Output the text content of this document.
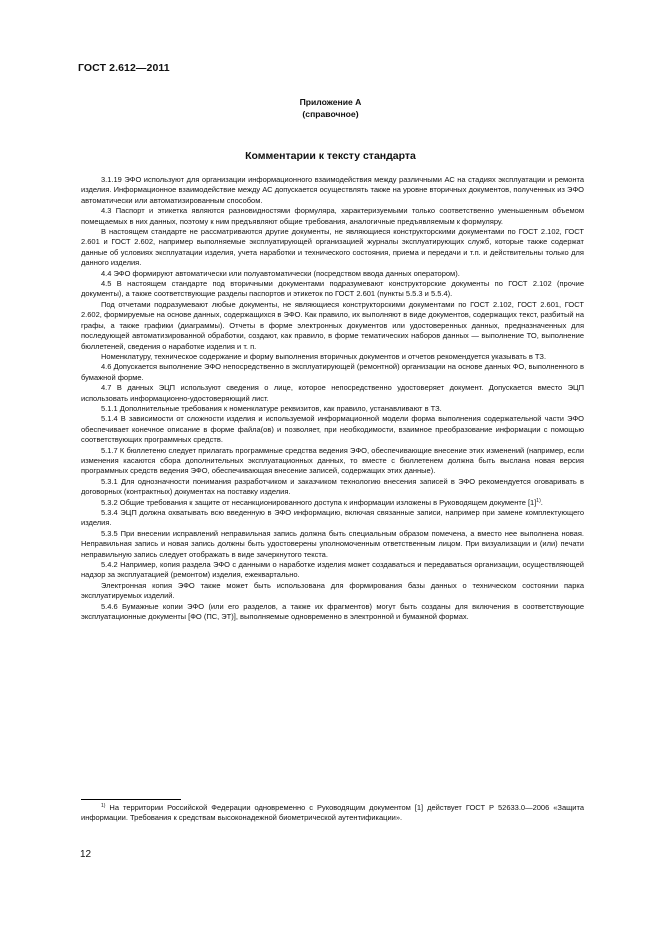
ГОСТ 2.612—2011
Приложение А
(справочное)
Комментарии к тексту стандарта

3.1.19 ЭФО используют для организации информационного взаимодействия между различными АС на стадиях эксплуатации и ремонта изделия. Информационное взаимодействие между АС допускается осуществлять также на уровне вторичных документов, полученных из ЭФО автоматически или автоматизированным способом.

4.3 Паспорт и этикетка являются разновидностями формуляра, характеризуемыми только соответственно уменьшенным объемом помещаемых в них данных, поэтому к ним предъявляют общие требования, аналогичные предъявляемым к формуляру.

В настоящем стандарте не рассматриваются другие документы, не являющиеся конструкторскими документами по ГОСТ 2.102, ГОСТ 2.601 и ГОСТ 2.602, например выполняемые эксплуатирующей организацией журналы эксплуатирующих служб, которые также содержат данные об условиях эксплуатации изделия, учета наработки и технического состояния, приема и передачи и т.п. и действительны только для данного изделия.

4.4 ЭФО формируют автоматически или полуавтоматически (посредством ввода данных оператором).

4.5 В настоящем стандарте под вторичными документами подразумевают конструкторские документы по ГОСТ 2.102 (прочие документы), а также соответствующие разделы паспортов и этикеток по ГОСТ 2.601 (пункты 5.5.3 и 5.5.4).

Под отчетами подразумевают любые документы, не являющиеся конструкторскими документами по ГОСТ 2.102, ГОСТ 2.601, ГОСТ 2.602, формируемые на основе данных, содержащихся в ЭФО. Как правило, их выполняют в виде документов, содержащих текст, разбитый на графы, а также графики (диаграммы). Отчеты в форме электронных документов или удостоверенных данных, предназначенных для последующей автоматизированной обработки, создают, как правило, в форме тематических наборов данных — выполнение ТО, выполнение бюллетеней, сведения о наработке изделия и т. п.

Номенклатуру, техническое содержание и форму выполнения вторичных документов и отчетов рекомендуется указывать в ТЗ.

4.6 Допускается выполнение ЭФО непосредственно в эксплуатирующей (ремонтной) организации на основе данных ФО, выполненного в бумажной форме.

4.7 В данных ЭЦП используют сведения о лице, которое непосредственно удостоверяет документ. Допускается вместо ЭЦП использовать информационно-удостоверяющий лист.

5.1.1 Дополнительные требования к номенклатуре реквизитов, как правило, устанавливают в ТЗ.

5.1.4 В зависимости от сложности изделия и используемой информационной модели форма выполнения содержательной части ЭФО обеспечивает конечное описание в форме файла(ов) и позволяет, при необходимости, взаимное преобразование информации с помощью соответствующих программных средств.

5.1.7 К бюллетеню следует прилагать программные средства ведения ЭФО, обеспечивающие внесение этих изменений (например, если изменения касаются сбора дополнительных эксплуатационных данных, то вместе с бюллетенем должна быть выслана новая версия программных средств ведения ЭФО, обеспечивающая внесение записей, содержащих этих данные).

5.3.1 Для однозначности понимания разработчиком и заказчиком технологию внесения записей в ЭФО рекомендуется оговаривать в договорных (контрактных) документах на поставку изделия.

5.3.2 Общие требования к защите от несанкционированного доступа к информации изложены в Руководящем документе $[1]^{1)}$.

5.3.4 ЭЦП должна охватывать всю введенную в ЭФО информацию, включая связанные записи, например при замене комплектующего изделия.

5.3.5 При внесении исправлений неправильная запись должна быть специальным образом помечена, а вместо нее выполнена новая. Неправильная запись и новая запись должны быть удостоверены уполномоченным ответственным лицом. При визуализации и (или) печати неправильную запись следует отображать в виде зачеркнутого текста.

5.4.2 Например, копия раздела ЭФО с данными о наработке изделия может создаваться и передаваться организации, осуществляющей надзор за эксплуатацией (ремонтом) изделия, ежеквартально.

Электронная копия ЭФО также может быть использована для формирования базы данных о техническом состоянии парка эксплуатируемых изделий.

5.4.6 Бумажные копии ЭФО (или его разделов, а также их фрагментов) могут быть созданы для включения в соответствующие эксплуатационные документы [ФО (ПС, ЭТ)], выполняемые одновременно в электронной и бумажной формах.

$^{1)}$ На территории Российской Федерации одновременно с Руководящим документом [1] действует ГОСТ Р 52633.0—2006 «Защита информации. Требования к средствам высоконадежной биометрической аутентификации».
12
